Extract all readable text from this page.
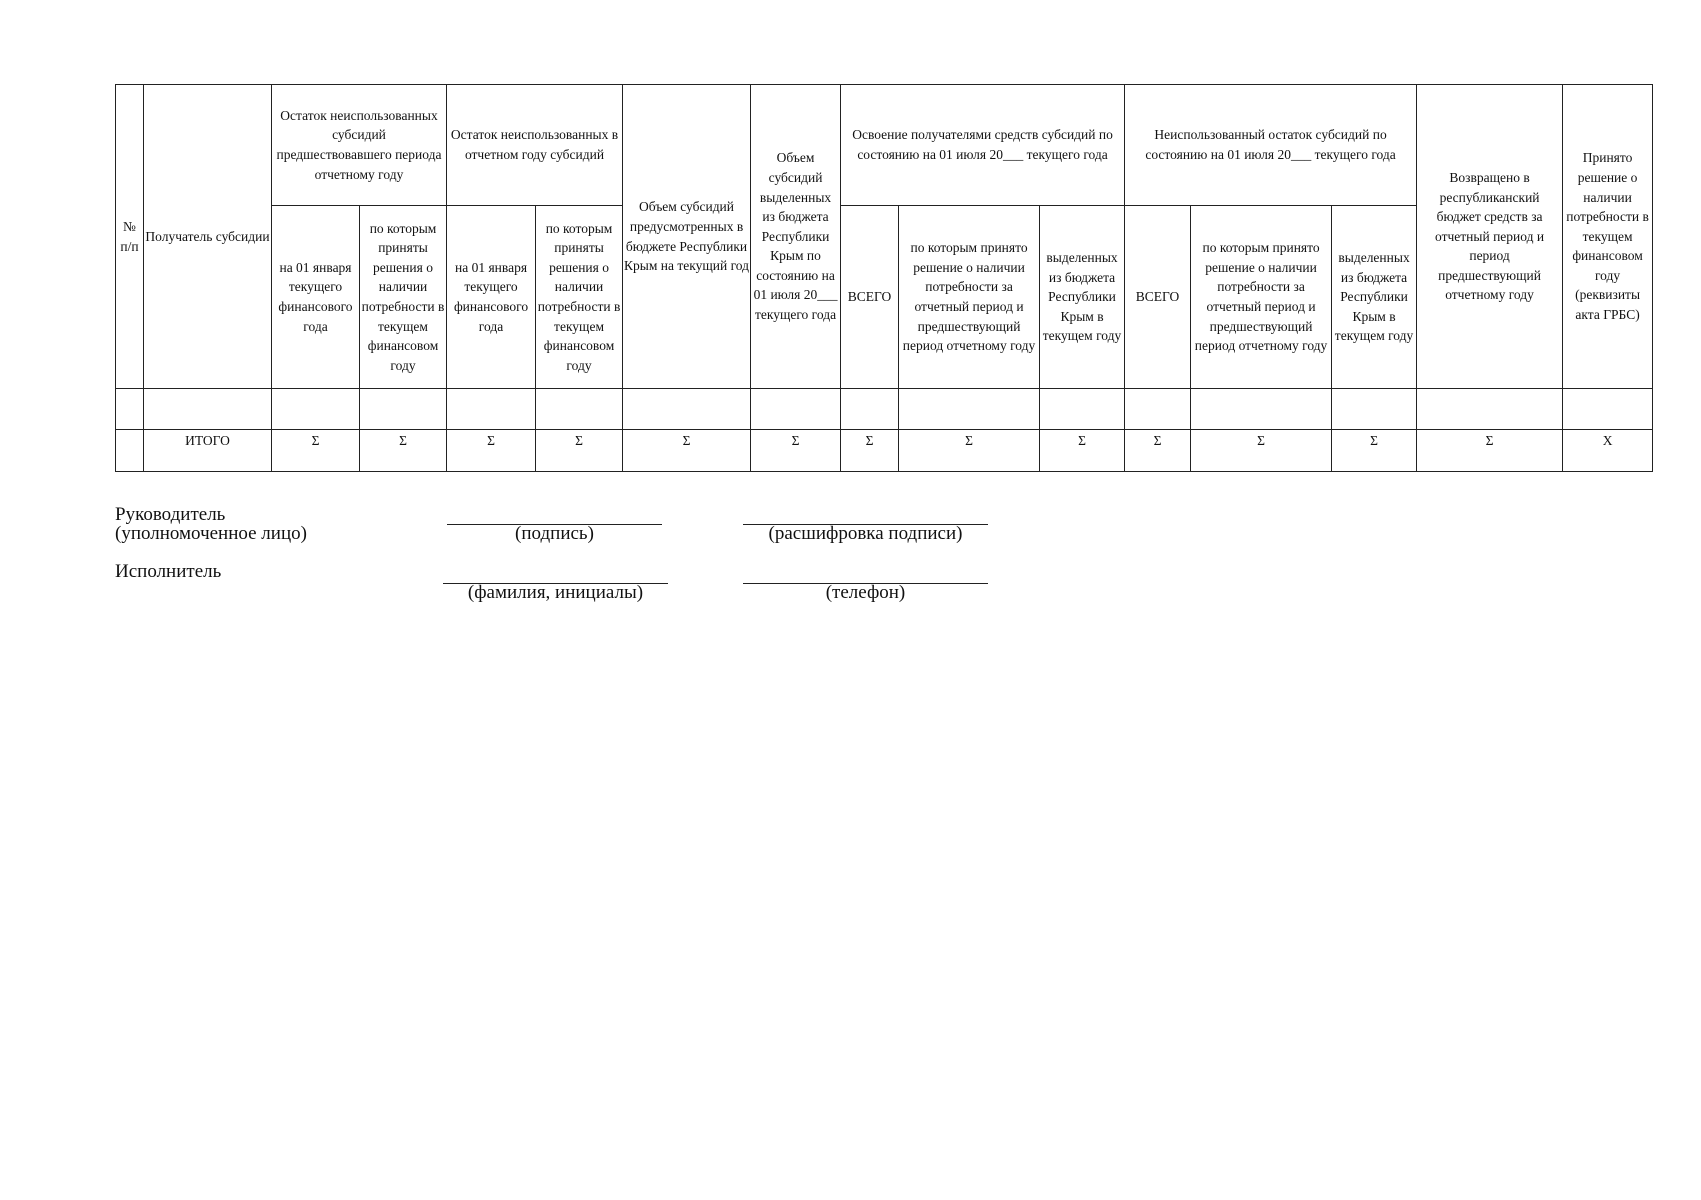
№ п/п	Получатель субсидии	Остаток неиспользованных субсидий предшествовавшего периода отчетному году		Остаток неиспользованных в отчетном году субсидий		Объем субсидий предусмотренных в бюджете Республики Крым на текущий год	Объем субсидий выделенных из бюджета Республики Крым по состоянию на 01 июля 20___ текущего года	Освоение получателями средств субсидий по состоянию на 01 июля 20___ текущего года			Неиспользованный остаток субсидий по состоянию на 01 июля 20___ текущего года			Возвращено в республиканский бюджет средств за отчетный период и период предшествующий отчетному году	Принято решение о наличии потребности в текущем финансовом году (реквизиты акта ГРБС)
		на 01 января текущего финансового года	по которым приняты решения о наличии потребности в текущем финансовом году	на 01 января текущего финансового года	по которым приняты решения о наличии потребности в текущем финансовом году			ВСЕГО	по которым принято решение о наличии потребности за отчетный период и предшествующий период отчетному году	выделенных из бюджета Республики Крым в текущем году	ВСЕГО	по которым принято решение о наличии потребности за отчетный период и предшествующий период отчетному году	выделенных из бюджета Республики Крым в текущем году		

	ИТОГО	Σ	Σ	Σ	Σ	Σ	Σ	Σ	Σ	Σ	Σ	Σ	Σ	Σ	X
Руководитель
(уполномоченное лицо)	(подпись)	(расшифровка подписи)
Исполнитель
(фамилия, инициалы)	(телефон)
